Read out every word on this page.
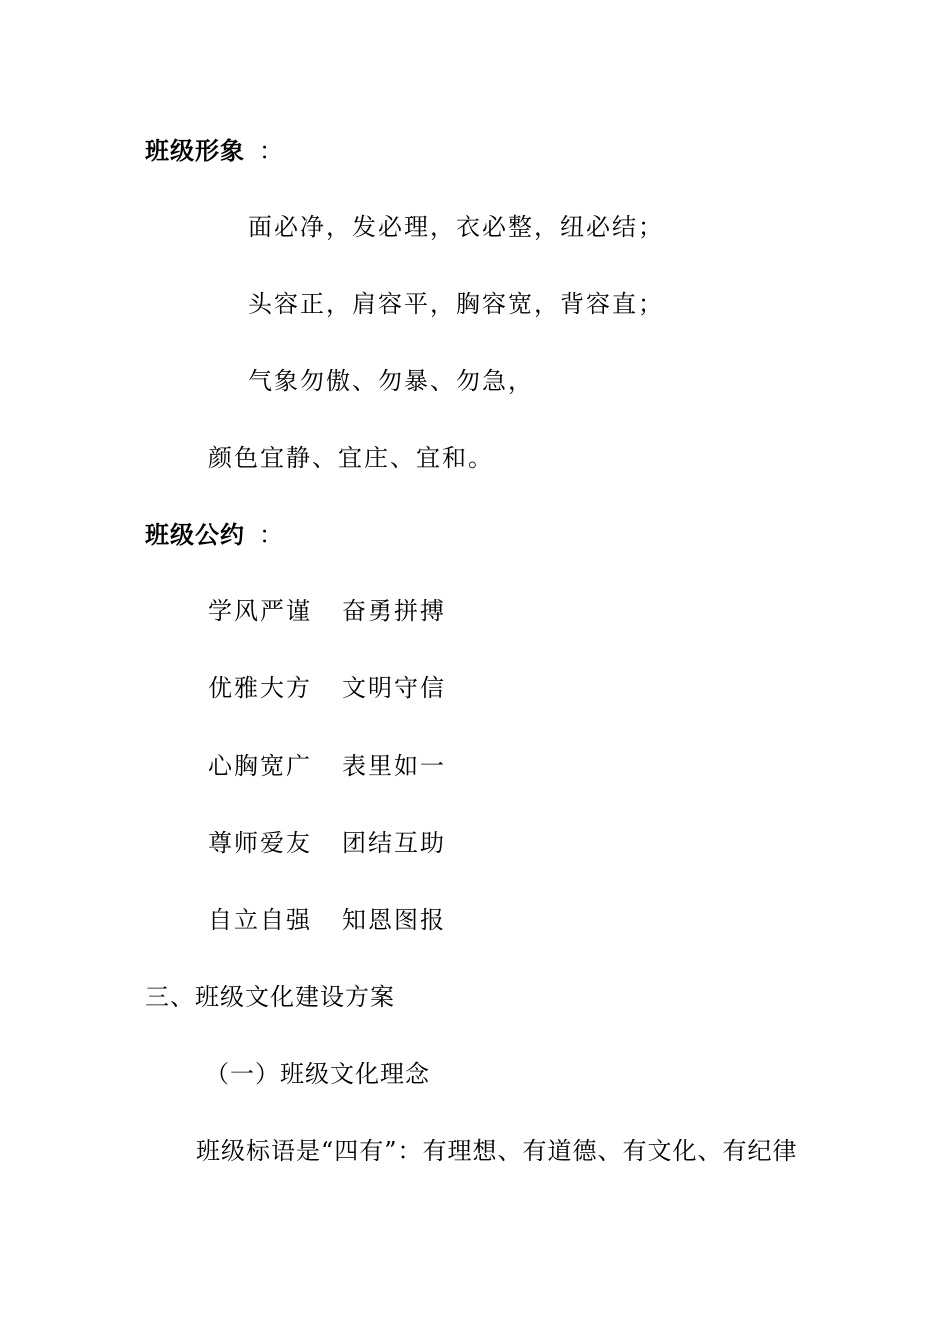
班级形象 ：
面必净，发必理，衣必整，纽必结；
头容正，肩容平，胸容宽，背容直；
气象勿傲、勿暴、勿急，
颜色宜静、宜庄、宜和。
班级公约 ：
学风严谨 奋勇拼搏
优雅大方 文明守信
心胸宽广 表里如一
尊师爱友 团结互助
自立自强 知恩图报
三、班级文化建设方案
（一）班级文化理念
班级标语是“四有”：有理想、有道德、有文化、有纪律
